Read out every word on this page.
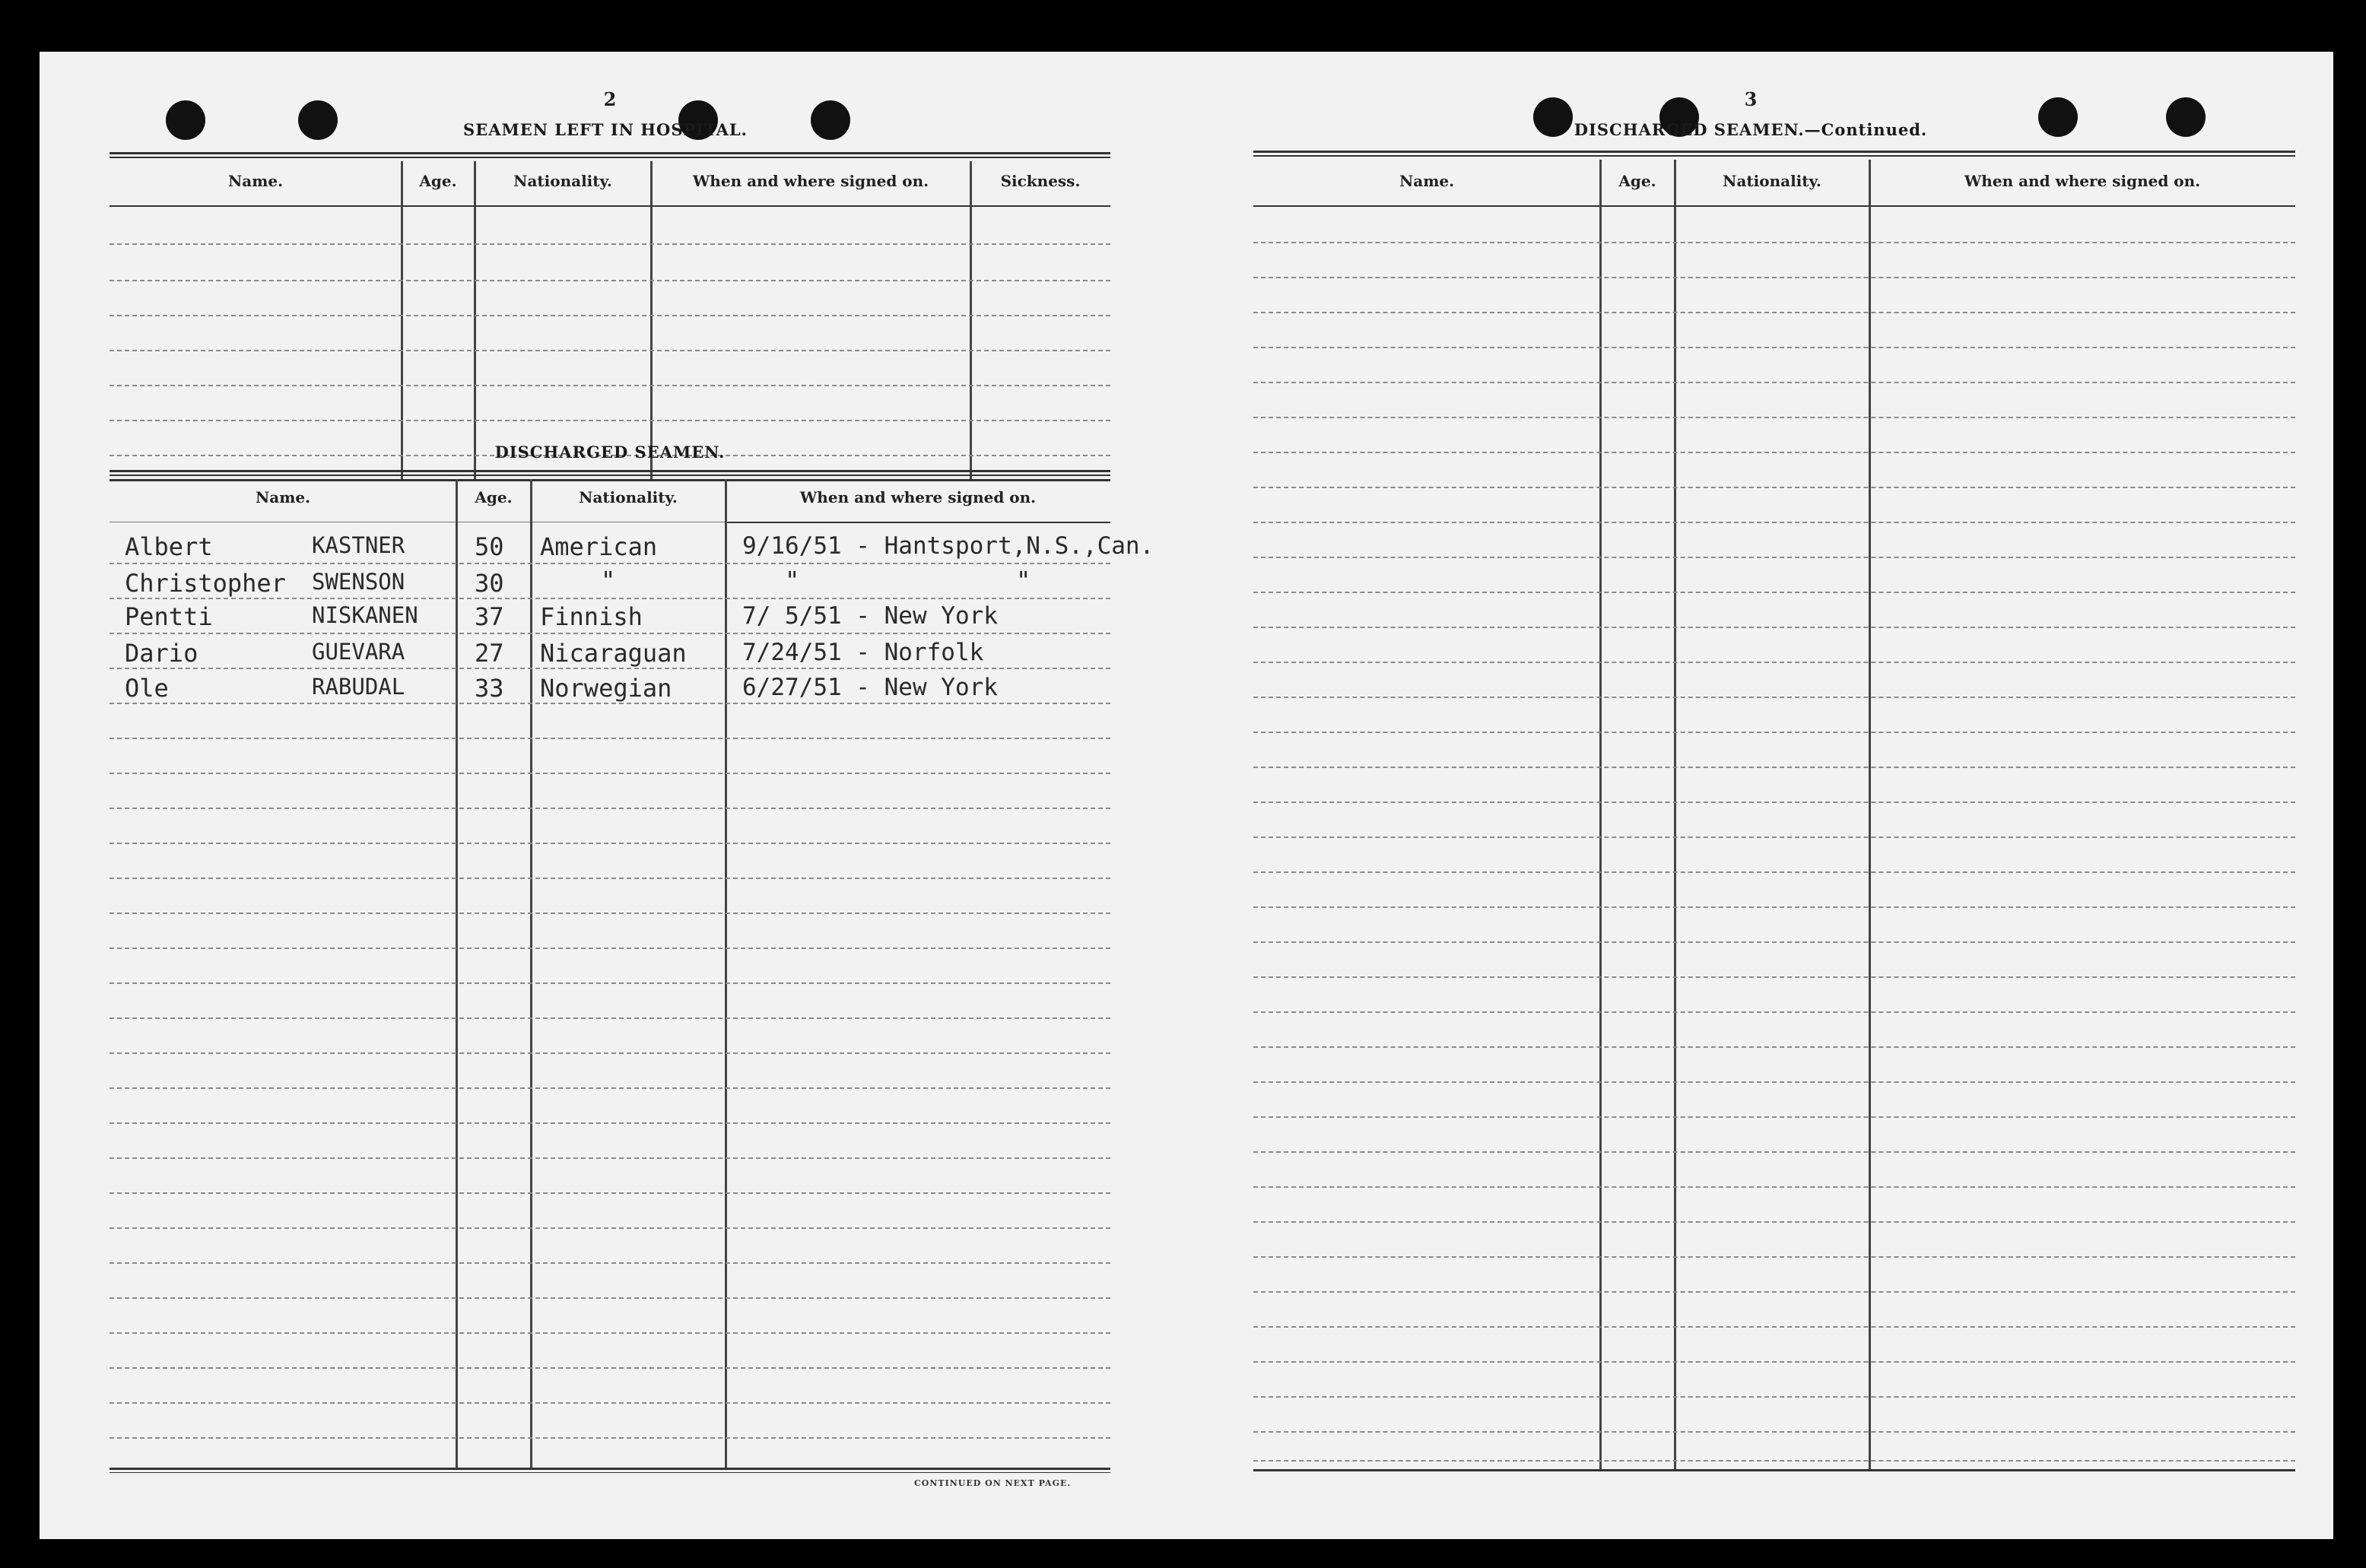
2
SEAMEN LEFT IN HOSPITAL.
Name.	Age.	Nationality.	When and where signed on.	Sickness.
DISCHARGED SEAMEN.
Name.	Age.	Nationality.	When and where signed on.
Albert	KASTNER	50 American	9/16/51 - Hantsport,N.S.,Can.
Christopher SWENSON	30	"	"	"
Pentti	NISKANEN 37 Finnish	7/ 5/51 - New York
Dario	GUEVARA	27 Nicaraguan 7/24/51 - Norfolk
Ole	RABUDAL	33 Norwegian	6/27/51 - New York
CONTINUED ON NEXT PAGE.
3
DISCHARGED SEAMEN.—Continued.
Name.	Age.	Nationality.	When and where signed on.
